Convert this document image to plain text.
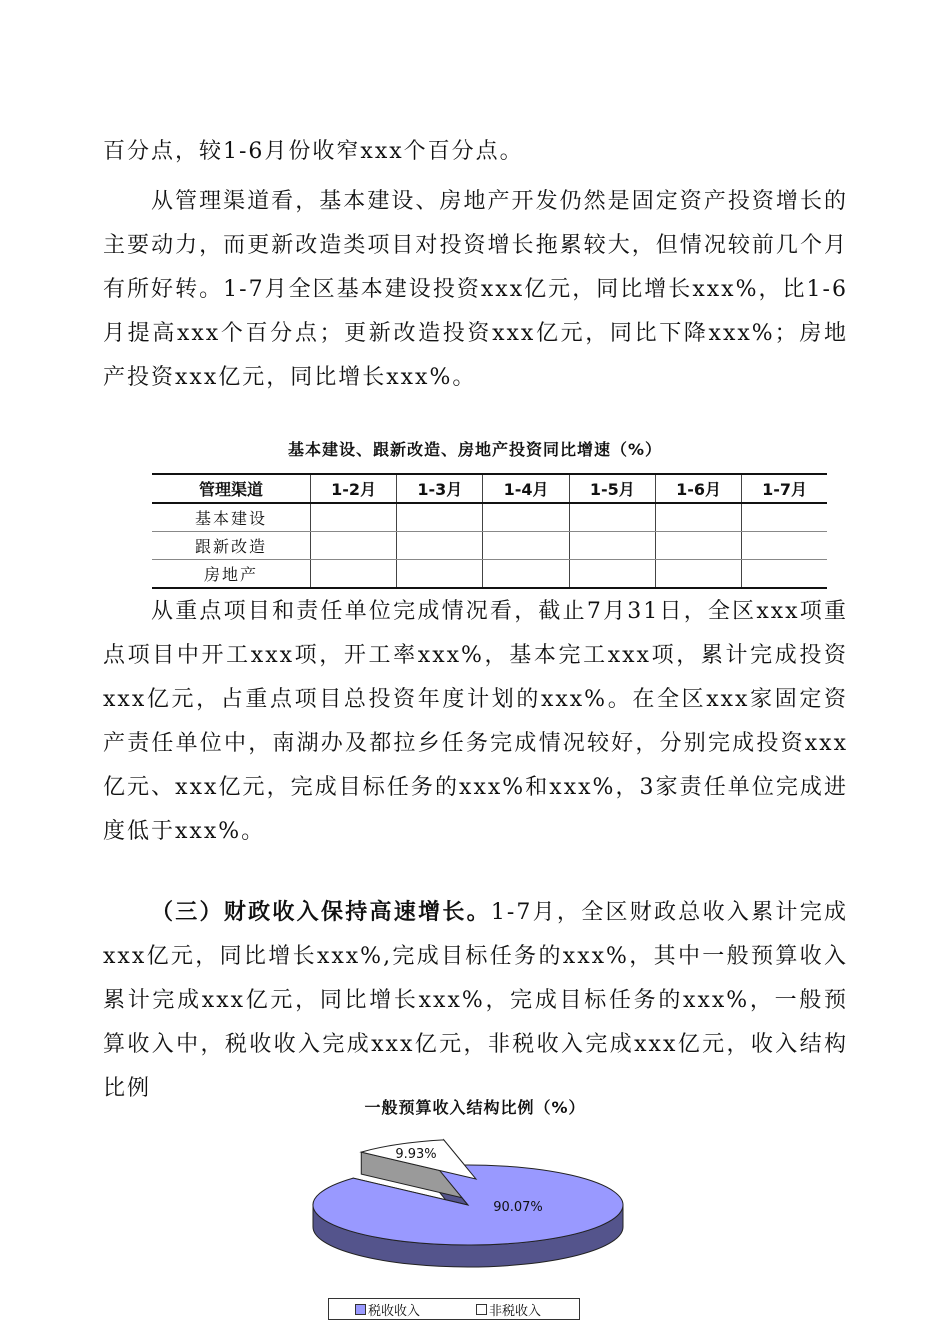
百分点，较1-6月份收窄xxx个百分点。

从管理渠道看，基本建设、房地产开发仍然是固定资产投资增长的主要动力，而更新改造类项目对投资增长拖累较大，但情况较前几个月有所好转。1-7月全区基本建设投资xxx亿元，同比增长xxx%，比1-6月提高xxx个百分点；更新改造投资xxx亿元，同比下降xxx%；房地产投资xxx亿元，同比增长xxx%。

基本建设、跟新改造、房地产投资同比增速（%）

管理渠道	1-2月	1-3月	1-4月	1-5月	1-6月	1-7月
基本建设						
跟新改造						
房地产						

从重点项目和责任单位完成情况看，截止7月31日，全区xxx项重点项目中开工xxx项，开工率xxx%，基本完工xxx项，累计完成投资xxx亿元，占重点项目总投资年度计划的xxx%。在全区xxx家固定资产责任单位中，南湖办及都拉乡任务完成情况较好，分别完成投资xxx亿元、xxx亿元，完成目标任务的xxx%和xxx%，3家责任单位完成进度低于xxx%。

（三）财政收入保持高速增长。1-7月，全区财政总收入累计完成xxx亿元，同比增长xxx%,完成目标任务的xxx%，其中一般预算收入累计完成xxx亿元，同比增长xxx%，完成目标任务的xxx%，一般预算收入中，税收收入完成xxx亿元，非税收入完成xxx亿元，收入结构比例

一般预算收入结构比例（%）

90.07%
9.93%
税收收入	非税收入
